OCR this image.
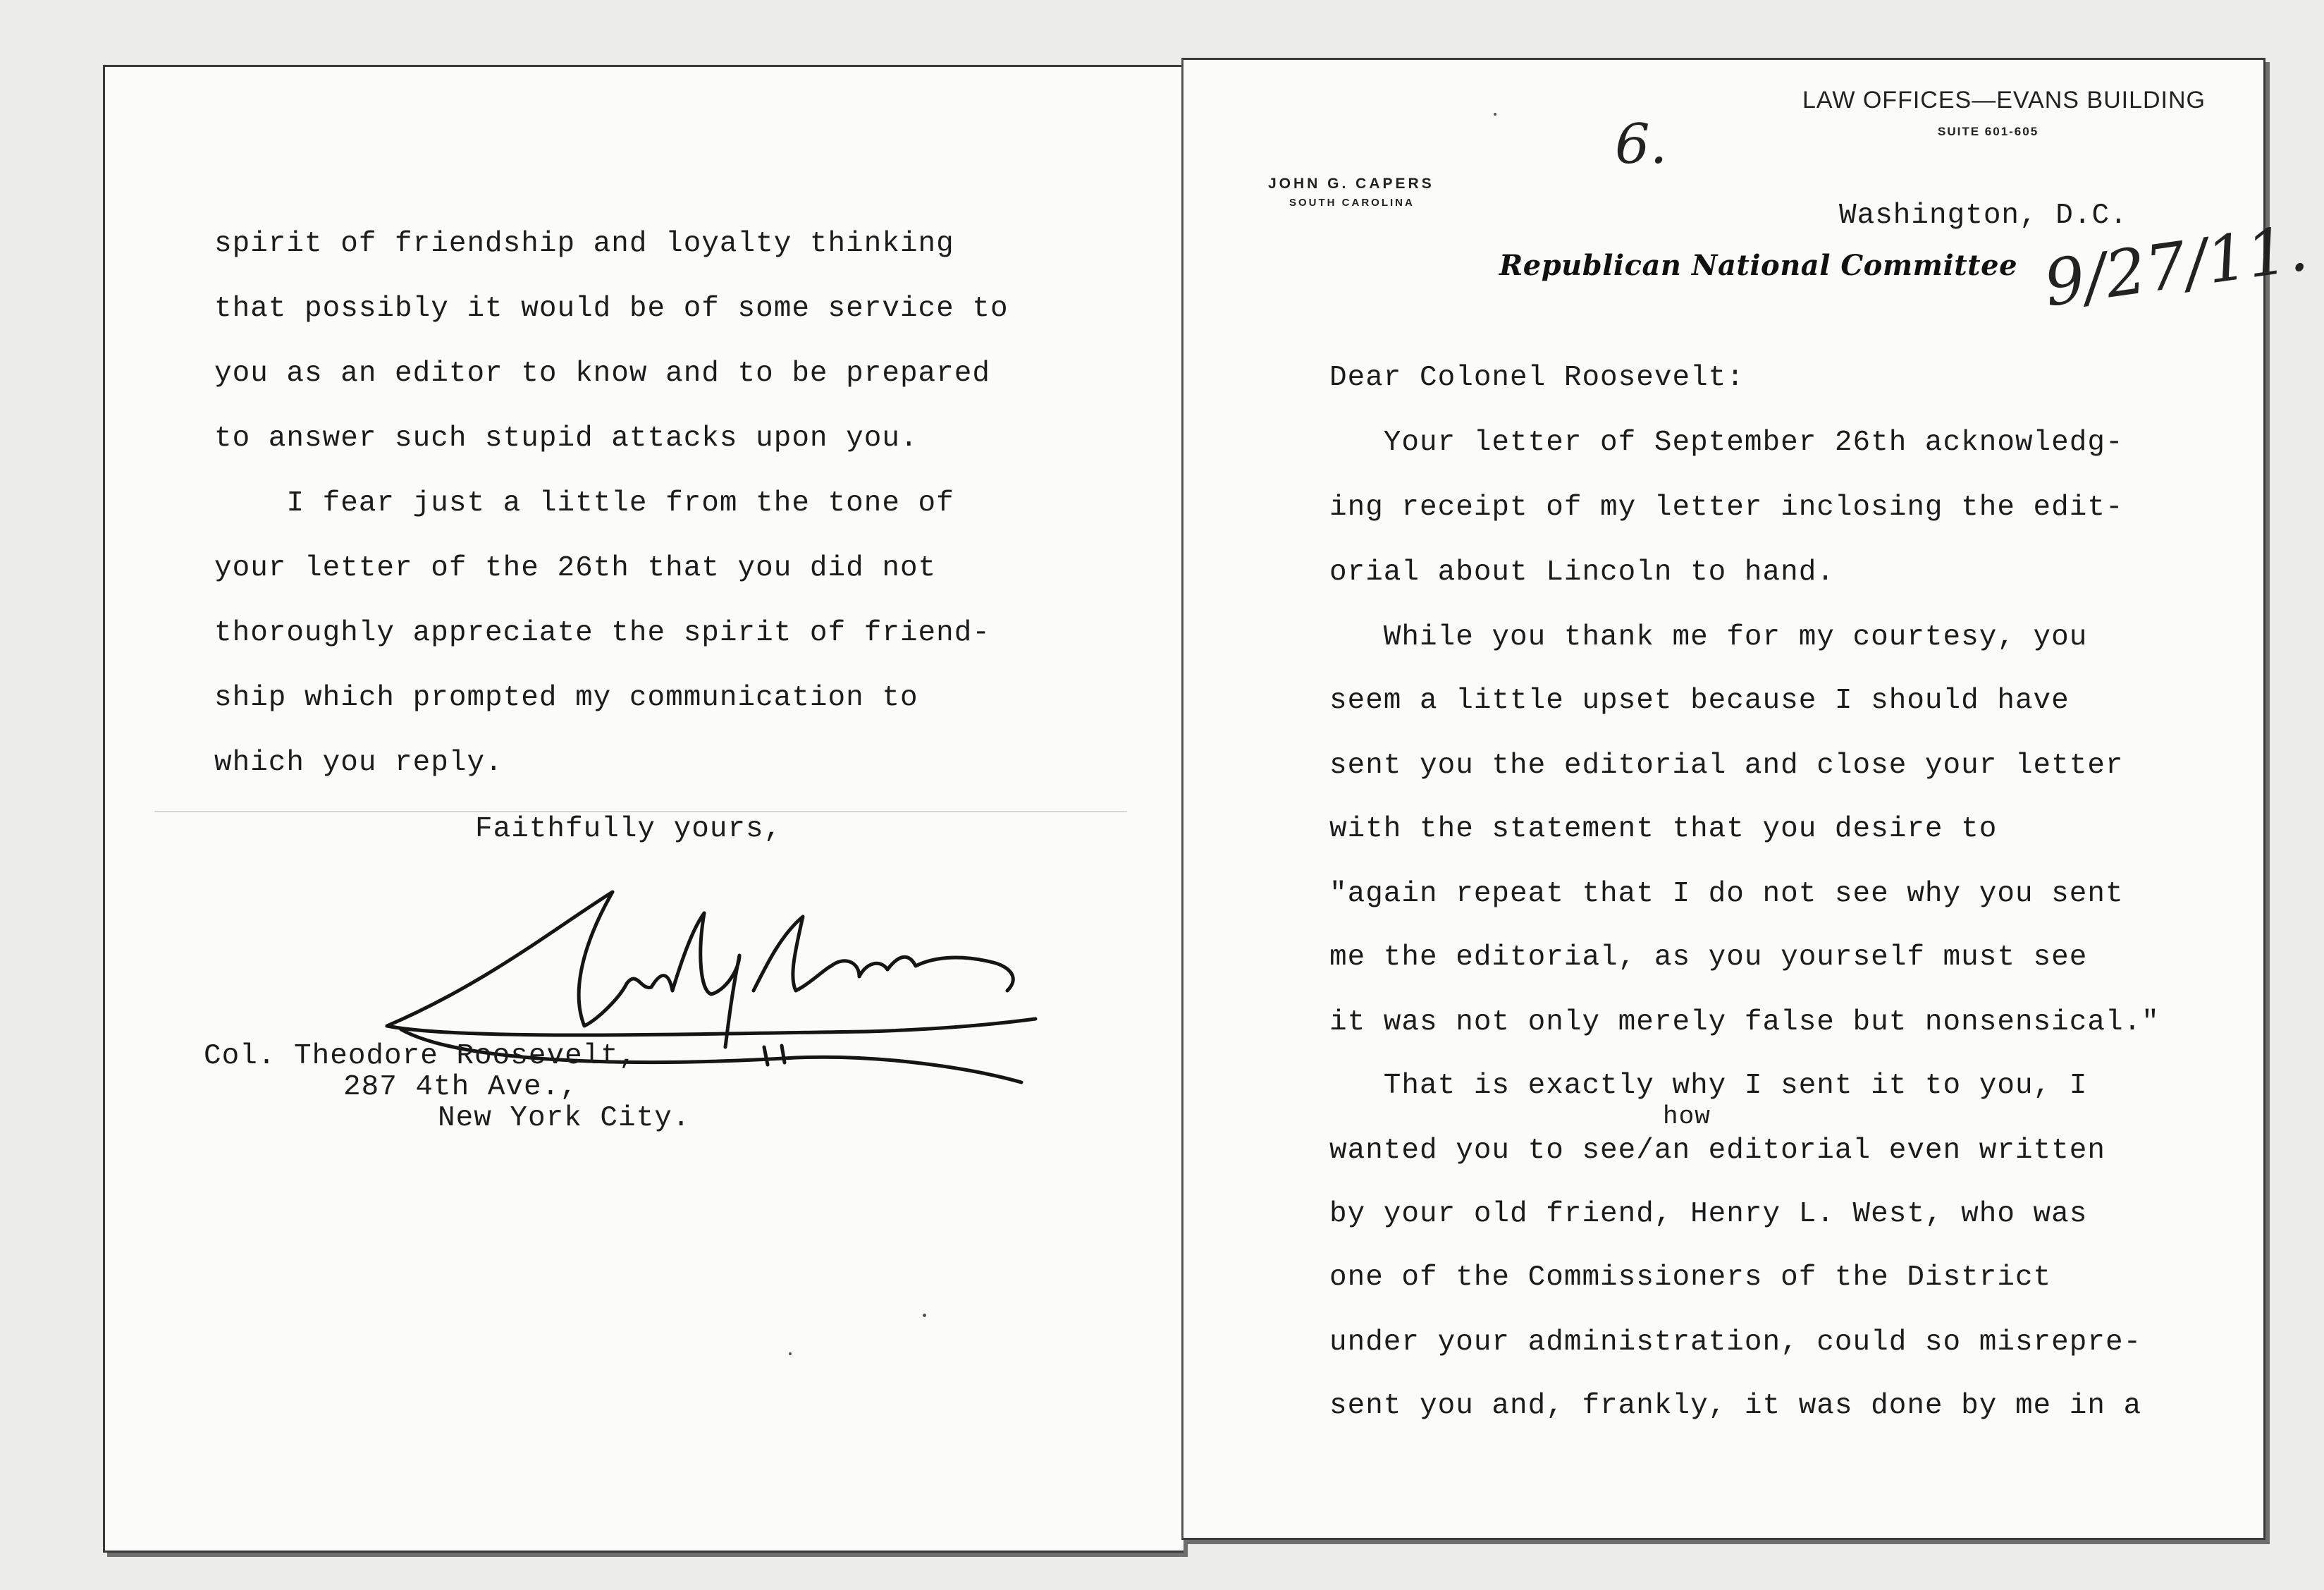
spirit of friendship and loyalty thinking
that possibly it would be of some service to
you as an editor to know and to be prepared
to answer such stupid attacks upon you.
I fear just a little from the tone of
your letter of the 26th that you did not
thoroughly appreciate the spirit of friend-
ship which prompted my communication to
which you reply.
Faithfully yours,
Col. Theodore Roosevelt,
287 4th Ave.,
New York City.
LAW OFFICES—EVANS BUILDING
SUITE 601-605
6.
JOHN G. CAPERS
SOUTH CAROLINA	Washington, D.C.
Republican National Committee 9/27/11.
Dear Colonel Roosevelt:
Your letter of September 26th acknowledg-
ing receipt of my letter inclosing the edit-
orial about Lincoln to hand.
While you thank me for my courtesy, you
seem a little upset because I should have
sent you the editorial and close your letter
with the statement that you desire to
"again repeat that I do not see why you sent
me the editorial, as you yourself must see
it was not only merely false but nonsensical."
That is exactly why I sent it to you, I
how
wanted you to see/an editorial even written
by your old friend, Henry L. West, who was
one of the Commissioners of the District
under your administration, could so misrepre-
sent you and, frankly, it was done by me in a
